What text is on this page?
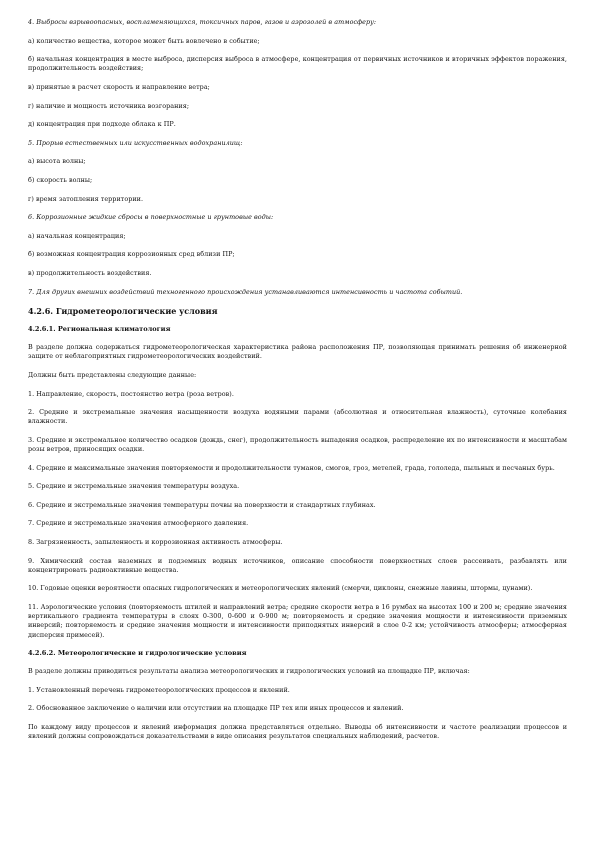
4. Выбросы взрывоопасных, воспламеняющихся, токсичных паров, газов и аэрозолей в атмосферу:

а) количество вещества, которое может быть вовлечено в событие;

б) начальная концентрация в месте выброса, дисперсия выброса в атмосфере, концентрация от первичных источников и вторичных эффектов поражения, продолжительность воздействия;

в) принятые в расчет скорость и направление ветра;

г) наличие и мощность источника возгорания;

д) концентрация при подходе облака к ПР.

5. Прорыв естественных или искусственных водохранилищ:

а) высота волны;

б) скорость волны;

г) время затопления территории.

6. Коррозионные жидкие сбросы в поверхностные и грунтовые воды:

а) начальная концентрация;

б) возможная концентрация коррозионных сред вблизи ПР;

в) продолжительность воздействия.

7. Для других внешних воздействий техногенного происхождения устанавливаются интенсивность и частота событий.

4.2.6. Гидрометеорологические условия

4.2.6.1. Региональная климатология

В разделе должна содержаться гидрометеорологическая характеристика района расположения ПР, позволяющая принимать решения об инженерной защите от неблагоприятных гидрометеорологических воздействий.

Должны быть представлены следующие данные:

1. Направление, скорость, постоянство ветра (роза ветров).

2. Средние и экстремальные значения насыщенности воздуха водяными парами (абсолютная и относительная влажность), суточные колебания влажности.

3. Средние и экстремальное количество осадков (дождь, снег), продолжительность выпадения осадков, распределение их по интенсивности и масштабам розы ветров, приносящих осадки.

4. Средние и максимальные значения повторяемости и продолжительности туманов, смогов, гроз, метелей, града, гололеда, пыльных и песчаных бурь.

5. Средние и экстремальные значения температуры воздуха.

6. Средние и экстремальные значения температуры почвы на поверхности и стандартных глубинах.

7. Средние и экстремальные значения атмосферного давления.

8. Загрязненность, запыленность и коррозионная активность атмосферы.

9. Химический состав наземных и подземных водных источников, описание способности поверхностных слоев рассеивать, разбавлять или концентрировать радиоактивные вещества.

10. Годовые оценки вероятности опасных гидрологических и метеорологических явлений (смерчи, циклоны, снежные лавины, штормы, цунами).

11. Аэрологические условия (повторяемость штилей и направлений ветра; средние скорости ветра в 16 румбах на высотах 100 и 200 м; средние значения вертикального градиента температуры в слоях 0-300, 0-600 и 0-900 м; повторяемость и средние значения мощности и интенсивности приземных инверсий; повторяемость и средние значения мощности и интенсивности приподнятых инверсий в слое 0-2 км; устойчивость атмосферы; атмосферная дисперсия примесей).

4.2.6.2. Метеорологические и гидрологические условия

В разделе должны приводиться результаты анализа метеорологических и гидрологических условий на площадке ПР, включая:

1. Установленный перечень гидрометеорологических процессов и явлений.

2. Обоснованное заключение о наличии или отсутствии на площадке ПР тех или иных процессов и явлений.

По каждому виду процессов и явлений информация должна представляться отдельно. Выводы об интенсивности и частоте реализации процессов и явлений должны сопровождаться доказательствами в виде описания результатов специальных наблюдений, расчетов.
